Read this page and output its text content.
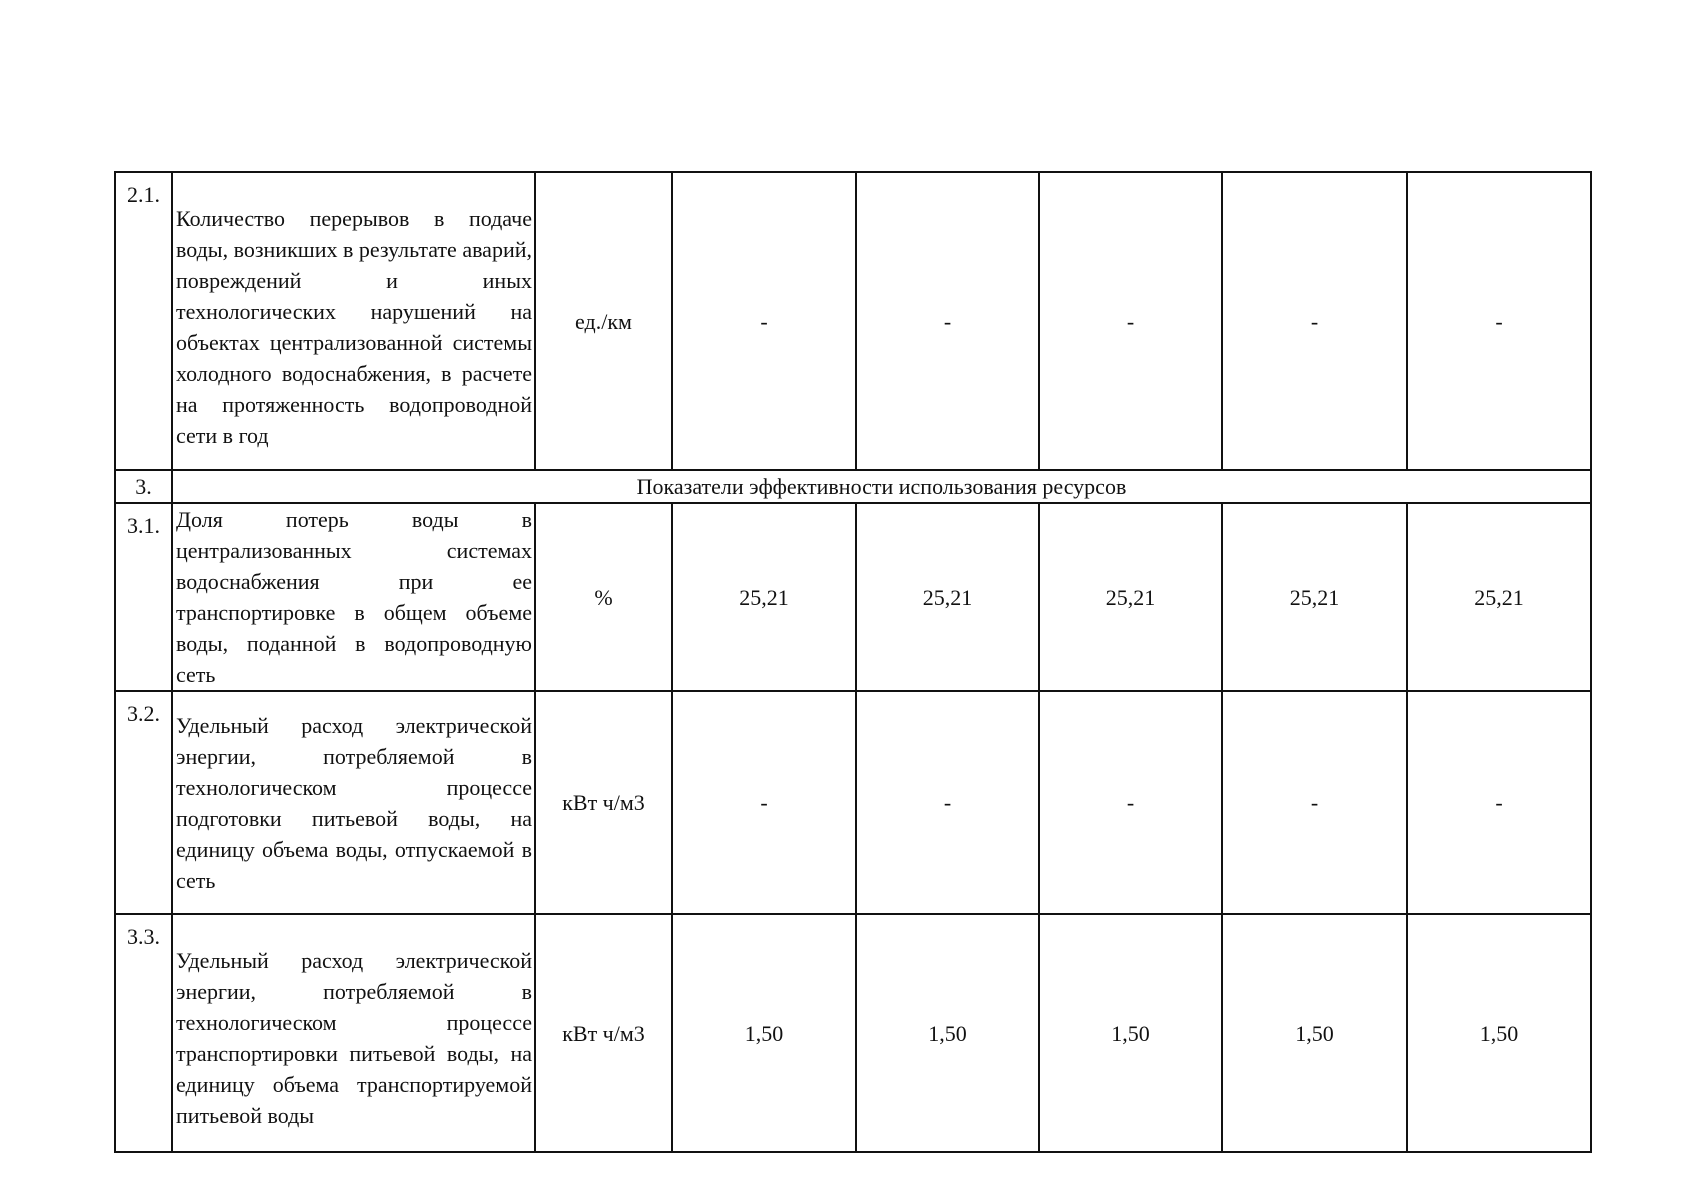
2.1.	Количество перерывов в подаче воды, возникших в результате аварий, повреждений и иных технологических нарушений на объектах централизованной системы холодного водоснабжения, в расчете на протяженность водопроводной сети в год	ед./км	-	-	-	-	-
3.	Показатели эффективности использования ресурсов						
3.1.	Доля потерь воды в централизованных системах водоснабжения при ее транспортировке в общем объеме воды, поданной в водопроводную сеть	%	25,21	25,21	25,21	25,21	25,21
3.2.	Удельный расход электрической энергии, потребляемой в технологическом процессе подготовки питьевой воды, на единицу объема воды, отпускаемой в сеть	кВт ч/м3	-	-	-	-	-
3.3.	Удельный расход электрической энергии, потребляемой в технологическом процессе транспортировки питьевой воды, на единицу объема транспортируемой питьевой воды	кВт ч/м3	1,50	1,50	1,50	1,50	1,50
